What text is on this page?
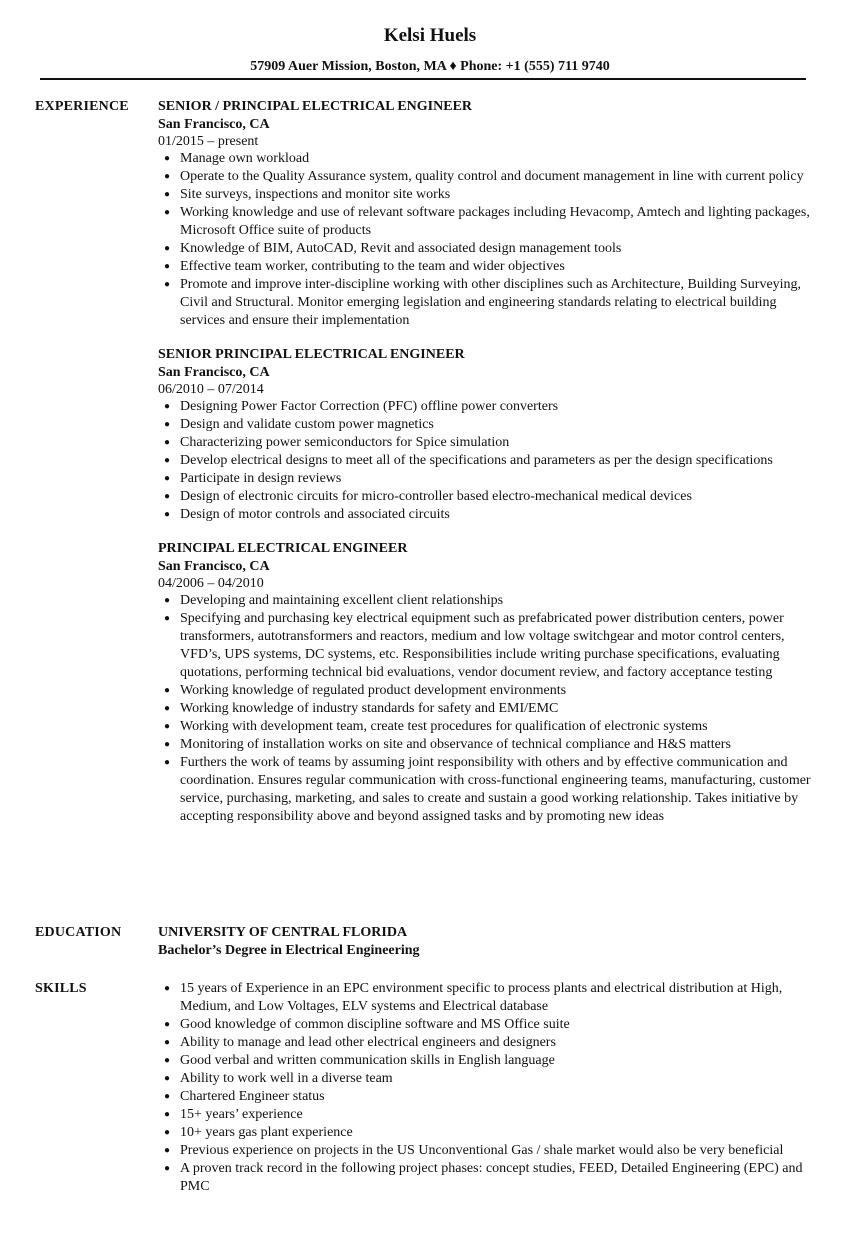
Kelsi Huels
57909 Auer Mission, Boston, MA ♦ Phone: +1 (555) 711 9740
EXPERIENCE SENIOR / PRINCIPAL ELECTRICAL ENGINEER
San Francisco, CA
01/2015 – present
● Manage own workload
● Operate to the Quality Assurance system, quality control and document management in line with current policy
● Site surveys, inspections and monitor site works
● Working knowledge and use of relevant software packages including Hevacomp, Amtech and lighting packages, Microsoft Office suite of products
● Knowledge of BIM, AutoCAD, Revit and associated design management tools
● Effective team worker, contributing to the team and wider objectives
● Promote and improve inter-discipline working with other disciplines such as Architecture, Building Surveying, Civil and Structural. Monitor emerging legislation and engineering standards relating to electrical building services and ensure their implementation
SENIOR PRINCIPAL ELECTRICAL ENGINEER
San Francisco, CA
06/2010 – 07/2014
● Designing Power Factor Correction (PFC) offline power converters
● Design and validate custom power magnetics
● Characterizing power semiconductors for Spice simulation
● Develop electrical designs to meet all of the specifications and parameters as per the design specifications
● Participate in design reviews
● Design of electronic circuits for micro-controller based electro-mechanical medical devices
● Design of motor controls and associated circuits
PRINCIPAL ELECTRICAL ENGINEER
San Francisco, CA
04/2006 – 04/2010
● Developing and maintaining excellent client relationships
● Specifying and purchasing key electrical equipment such as prefabricated power distribution centers, power transformers, autotransformers and reactors, medium and low voltage switchgear and motor control centers, VFD’s, UPS systems, DC systems, etc. Responsibilities include writing purchase specifications, evaluating quotations, performing technical bid evaluations, vendor document review, and factory acceptance testing
● Working knowledge of regulated product development environments
● Working knowledge of industry standards for safety and EMI/EMC
● Working with development team, create test procedures for qualification of electronic systems
● Monitoring of installation works on site and observance of technical compliance and H&S matters
● Furthers the work of teams by assuming joint responsibility with others and by effective communication and coordination. Ensures regular communication with cross-functional engineering teams, manufacturing, customer service, purchasing, marketing, and sales to create and sustain a good working relationship. Takes initiative by accepting responsibility above and beyond assigned tasks and by promoting new ideas
EDUCATION	UNIVERSITY OF CENTRAL FLORIDA
Bachelor’s Degree in Electrical Engineering
SKILLS	● 15 years of Experience in an EPC environment specific to process plants and electrical distribution at High, Medium, and Low Voltages, ELV systems and Electrical database
● Good knowledge of common discipline software and MS Office suite
● Ability to manage and lead other electrical engineers and designers
● Good verbal and written communication skills in English language
● Ability to work well in a diverse team
● Chartered Engineer status
● 15+ years’ experience
● 10+ years gas plant experience
● Previous experience on projects in the US Unconventional Gas / shale market would also be very beneficial
● A proven track record in the following project phases: concept studies, FEED, Detailed Engineering (EPC) and PMC
